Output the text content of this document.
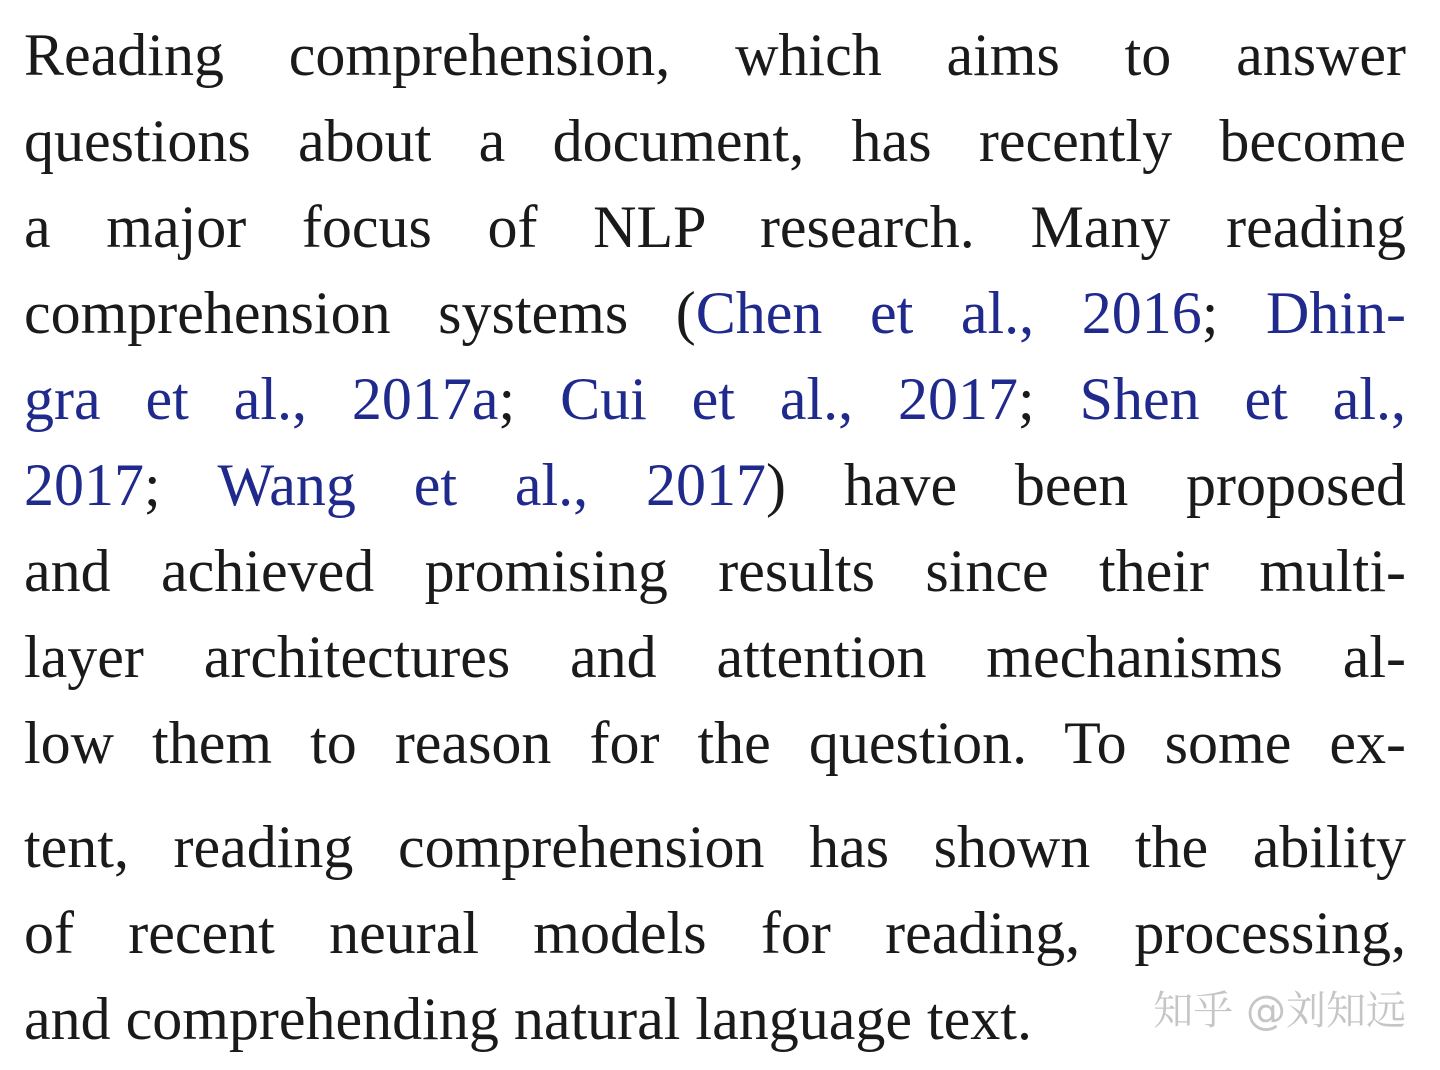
Reading comprehension, which aims to answer
questions about a document, has recently become
a major focus of NLP research. Many reading
comprehension systems (Chen et al., 2016; Dhin-
gra et al., 2017a; Cui et al., 2017; Shen et al.,
2017; Wang et al., 2017) have been proposed
and achieved promising results since their multi-
layer architectures and attention mechanisms al-
low them to reason for the question. To some ex-
tent, reading comprehension has shown the ability
of recent neural models for reading, processing,
and comprehending natural language text.	知乎 @刘知远
